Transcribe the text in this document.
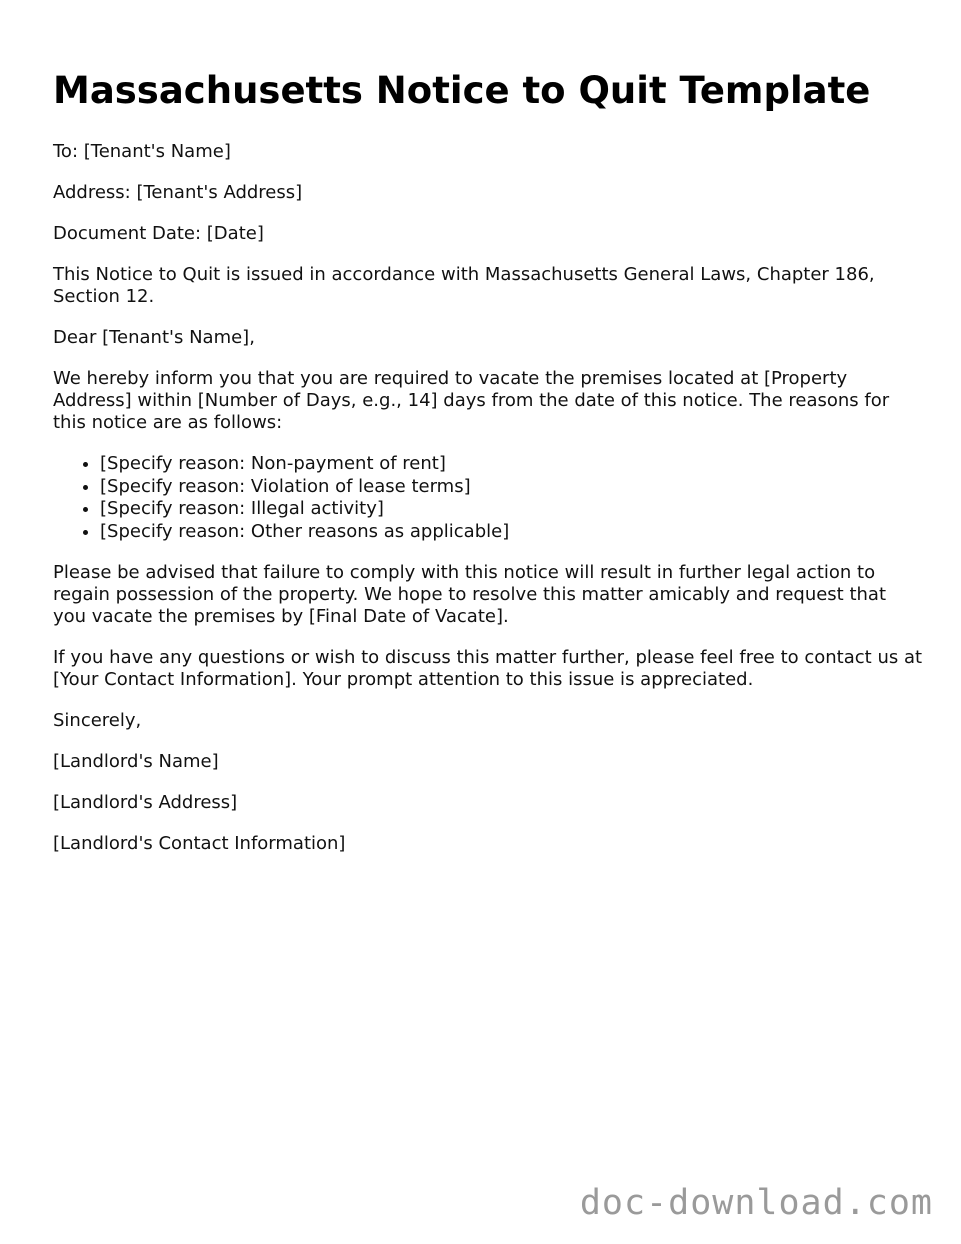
Massachusetts Notice to Quit Template

To: [Tenant's Name]

Address: [Tenant's Address]

Document Date: [Date]

This Notice to Quit is issued in accordance with Massachusetts General Laws, Chapter 186, Section 12.

Dear [Tenant's Name],

We hereby inform you that you are required to vacate the premises located at [Property Address] within [Number of Days, e.g., 14] days from the date of this notice. The reasons for this notice are as follows:

• [Specify reason: Non-payment of rent]
• [Specify reason: Violation of lease terms]
• [Specify reason: Illegal activity]
• [Specify reason: Other reasons as applicable]

Please be advised that failure to comply with this notice will result in further legal action to regain possession of the property. We hope to resolve this matter amicably and request that you vacate the premises by [Final Date of Vacate].

If you have any questions or wish to discuss this matter further, please feel free to contact us at [Your Contact Information]. Your prompt attention to this issue is appreciated.

Sincerely,

[Landlord's Name]

[Landlord's Address]

[Landlord's Contact Information]

doc-download.com
